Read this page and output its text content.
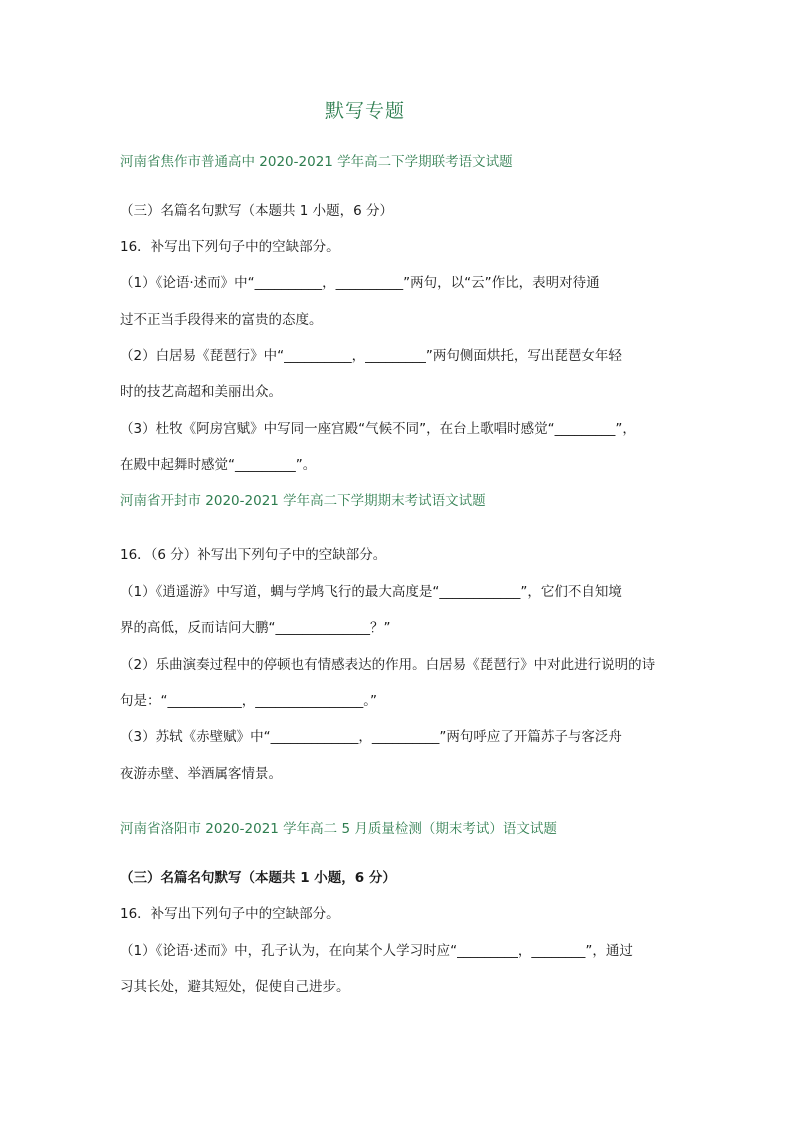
默写专题
河南省焦作市普通高中 2020-2021 学年高二下学期联考语文试题
（三）名篇名句默写（本题共 1 小题，6 分）
16．补写出下列句子中的空缺部分。
（1）《论语·述而》中“__________，__________”两句，以“云”作比，表明对待通
过不正当手段得来的富贵的态度。
（2）白居易《琵琶行》中“__________，_________”两句侧面烘托，写出琵琶女年轻
时的技艺高超和美丽出众。
（3）杜牧《阿房宫赋》中写同一座宫殿“气候不同”，在台上歌唱时感觉“_________”，
在殿中起舞时感觉“_________”。
河南省开封市 2020-2021 学年高二下学期期末考试语文试题
16．（6 分）补写出下列句子中的空缺部分。
（1）《逍遥游》中写道，蜩与学鸠飞行的最大高度是“____________”，它们不自知境
界的高低，反而诘问大鹏“______________？”
（2）乐曲演奏过程中的停顿也有情感表达的作用。白居易《琵琶行》中对此进行说明的诗
句是：“___________，________________。”
（3）苏轼《赤壁赋》中“_____________，__________”两句呼应了开篇苏子与客泛舟
夜游赤壁、举酒属客情景。
河南省洛阳市 2020-2021 学年高二 5 月质量检测（期末考试）语文试题
（三）名篇名句默写（本题共 1 小题，6 分）
16．补写出下列句子中的空缺部分。
（1）《论语·述而》中，孔子认为，在向某个人学习时应“_________，________”，通过
习其长处，避其短处，促使自己进步。
